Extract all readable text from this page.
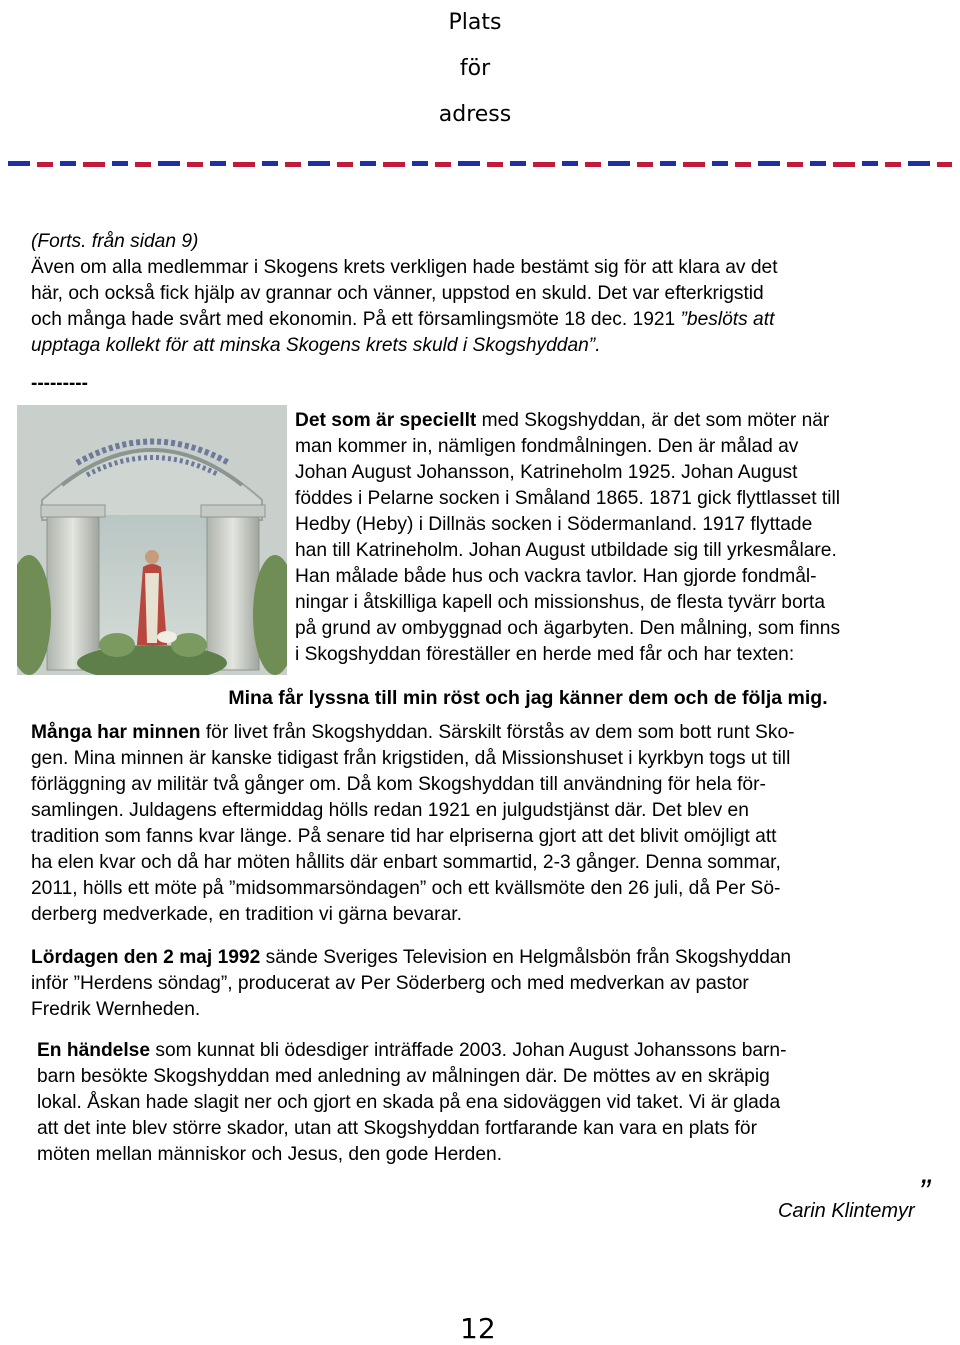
Plats
för
adress

(Forts. från sidan 9)

Även om alla medlemmar i Skogens krets verkligen hade bestämt sig för att klara av det

här, och också fick hjälp av grannar och vänner, uppstod en skuld. Det var efterkrigstid

och många hade svårt med ekonomin. På ett församlingsmöte 18 dec. 1921 ”beslöts att

upptaga kollekt för att minska Skogens krets skuld i Skogshyddan”.

---------

Det som är speciellt med Skogshyddan, är det som möter när

man kommer in, nämligen fondmålningen. Den är målad av

Johan August Johansson, Katrineholm 1925. Johan August

föddes i Pelarne socken i Småland 1865. 1871 gick flyttlasset till

Hedby (Heby) i Dillnäs socken i Södermanland. 1917 flyttade

han till Katrineholm. Johan August utbildade sig till yrkesmålare.

Han målade både hus och vackra tavlor. Han gjorde fondmål-

ningar i åtskilliga kapell och missionshus, de flesta tyvärr borta

på grund av ombyggnad och ägarbyten. Den målning, som finns

i Skogshyddan föreställer en herde med får och har texten:

Mina får lyssna till min röst och jag känner dem och de följa mig.

Många har minnen för livet från Skogshyddan. Särskilt förstås av dem som bott runt Sko-

gen. Mina minnen är kanske tidigast från krigstiden, då Missionshuset i kyrkbyn togs ut till

förläggning av militär två gånger om. Då kom Skogshyddan till användning för hela för-

samlingen. Juldagens eftermiddag hölls redan 1921 en julgudstjänst där. Det blev en

tradition som fanns kvar länge. På senare tid har elpriserna gjort att det blivit omöjligt att

ha elen kvar och då har möten hållits där enbart sommartid, 2-3 gånger. Denna sommar,

2011, hölls ett möte på ”midsommarsöndagen” och ett kvällsmöte den 26 juli, då Per Sö-

derberg medverkade, en tradition vi gärna bevarar.

Lördagen den 2 maj 1992 sände Sveriges Television en Helgmålsbön från Skogshyddan

inför ”Herdens söndag”, producerat av Per Söderberg och med medverkan av pastor

Fredrik Wernheden.

En händelse som kunnat bli ödesdiger inträffade 2003. Johan August Johanssons barn-

barn besökte Skogshyddan med anledning av målningen där. De möttes av en skräpig

lokal. Åskan hade slagit ner och gjort en skada på ena sidoväggen vid taket. Vi är glada

att det inte blev större skador, utan att Skogshyddan fortfarande kan vara en plats för

möten mellan människor och Jesus, den gode Herden.

Carin Klintemyr ”
12
